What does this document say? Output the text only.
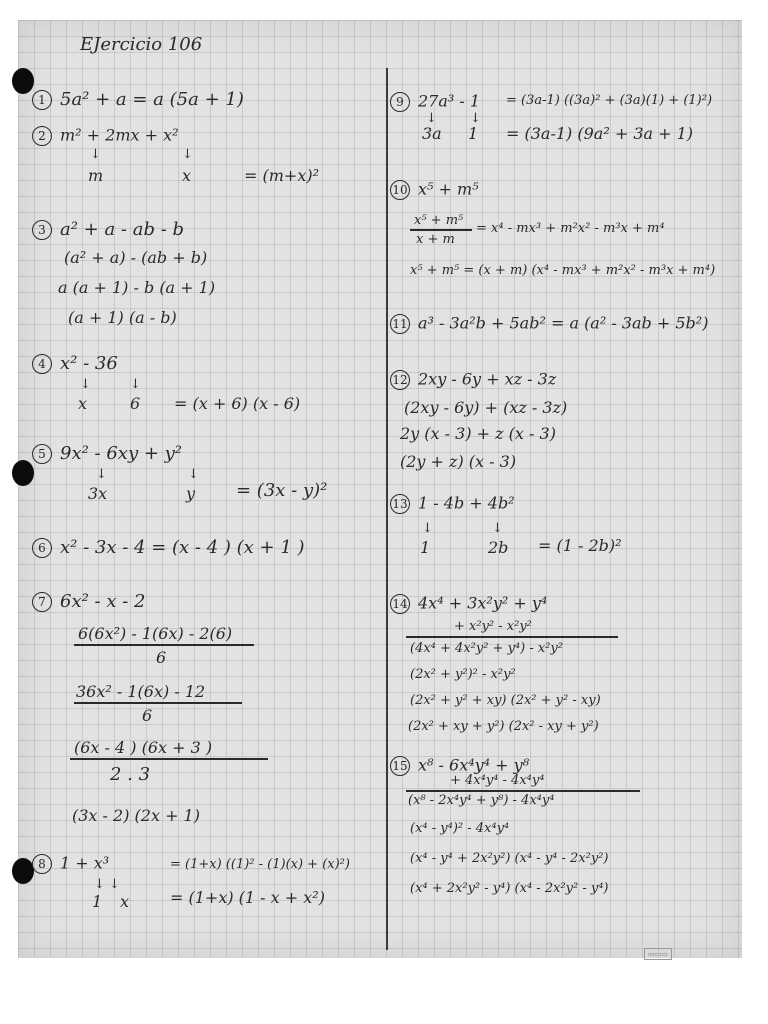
EJercicio 106
1 5a² + a = a (5a + 1)
2 m² + 2mx + x²
↓	↓
m	x	= (m+x)²
3 a² + a - ab - b
(a² + a) - (ab + b)
a (a + 1) - b (a + 1)
(a + 1) (a - b)
4 x² - 36
↓	↓
x	6 = (x + 6) (x - 6)
5 9x² - 6xy + y²
↓	↓
3x	y = (3x - y)²
6 x² - 3x - 4 = (x - 4 ) (x + 1 )
7 6x² - x - 2
6(6x²) - 1(6x) - 2(6)
6
36x² - 1(6x) - 12
6
(6x - 4 ) (6x + 3 )
2 . 3
(3x - 2) (2x + 1)
8 1 + x³	= (1+x) ((1)² - (1)(x) + (x)²)
↓ ↓
1 x	= (1+x) (1 - x + x²)
9 27a³ - 1 = (3a-1) ((3a)² + (3a)(1) + (1)²)
↓	↓
3a 1 = (3a-1) (9a² + 3a + 1)
10 x⁵ + m⁵
x⁵ + m⁵
x + m
= x⁴ - mx³ + m²x² - m³x + m⁴
x⁵ + m⁵ = (x + m) (x⁴ - mx³ + m²x² - m³x + m⁴)
11 a³ - 3a²b + 5ab² = a (a² - 3ab + 5b²)
12 2xy - 6y + xz - 3z
(2xy - 6y) + (xz - 3z)
2y (x - 3) + z (x - 3)
(2y + z) (x - 3)
13 1 - 4b + 4b²
↓	↓
1	2b = (1 - 2b)²
14 4x⁴ + 3x²y² + y⁴
+ x²y² - x²y²
(4x⁴ + 4x²y² + y⁴) - x²y²
(2x² + y²)² - x²y²
(2x² + y² + xy) (2x² + y² - xy)
(2x² + xy + y²) (2x² - xy + y²)
15 x⁸ - 6x⁴y⁴ + y⁸
+ 4x⁴y⁴ - 4x⁴y⁴
(x⁸ - 2x⁴y⁴ + y⁸) - 4x⁴y⁴
(x⁴ - y⁴)² - 4x⁴y⁴
(x⁴ - y⁴ + 2x²y²) (x⁴ - y⁴ - 2x²y²)
(x⁴ + 2x²y² - y⁴) (x⁴ - 2x²y² - y⁴)
▭▭▭
